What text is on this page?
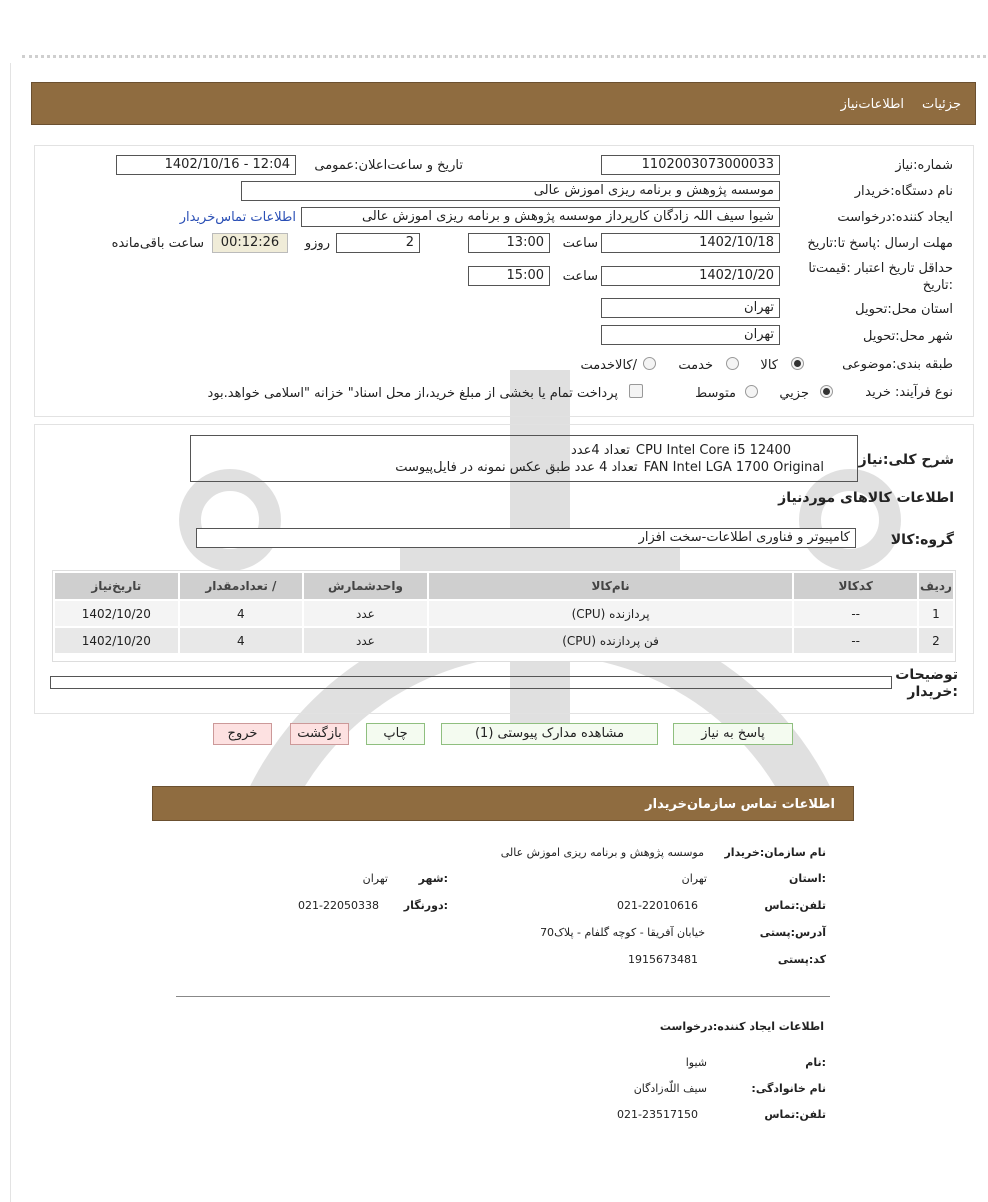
جزئیات
اطلاعات‌نیاز
شماره:نیاز
1102003073000033
تاریخ و ساعت‌اعلان:عمومی
1402/10/16 - 12:04
نام دستگاه:خریدار
موسسه پژوهش و برنامه ریزی اموزش عالی
ایجاد کننده:درخواست
شیوا سیف اللہ زادگان کارپرداز موسسه پژوهش و برنامه ریزی اموزش عالی
اطلاعات تماس‌خریدار
مهلت ارسال :پاسخ تا:تاریخ
1402/10/18
ساعت
13:00
2
روزو
00:12:26
ساعت باقی‌مانده
حداقل تاریخ اعتبار :قیمت‌تا :تاریخ
1402/10/20
ساعت
15:00
استان محل:تحویل
تهران
شهر محل:تحویل
تهران
طبقه بندی:موضوعی
کالا
خدمت
/کالاخدمت
نوع فرآیند: خرید
جزیي
متوسط
پرداخت تمام یا بخشی از مبلغ خرید،از محل اسناد" خزانه "اسلامی خواهد.بود
شرح کلی:نیاز
CPU Intel Core i5 12400
تعداد 4عدد
FAN Intel LGA 1700 Original
تعداد 4 عدد طبق عکس نمونه در فایل‌پیوست
اطلاعات کالاهای مورد‌نیاز
گروه:کالا
کامپیوتر و فناوری اطلاعات-سخت افزار
ردیف	کدکالا	نام‌کالا	واحدشمارش	/ تعدادمقدار	تاریخ‌نیاز
1	--	پردازنده (CPU)	عدد	4	1402/10/20
2	--	فن پردازنده (CPU)	عدد	4	1402/10/20
توضیحات :خریدار
پاسخ به نیاز
مشاهده مدارک پیوستی (1)
چاپ
بازگشت
خروج
اطلاعات تماس سازمان‌خریدار
نام سازمان:خریدار
موسسه پژوهش و برنامه ریزی اموزش عالی
:استان
تهران
:شهر
تهران
تلفن:تماس
021-22010616
:دورنگار
021-22050338
آدرس:پستی
خیابان آفریقا - کوچه گلفام - پلاک70
کد:پستی
1915673481
اطلاعات ایجاد کننده:درخواست
:نام
شیوا
نام خانوادگی:
سیف اللّه‌زادگان
تلفن:تماس
021-23517150
